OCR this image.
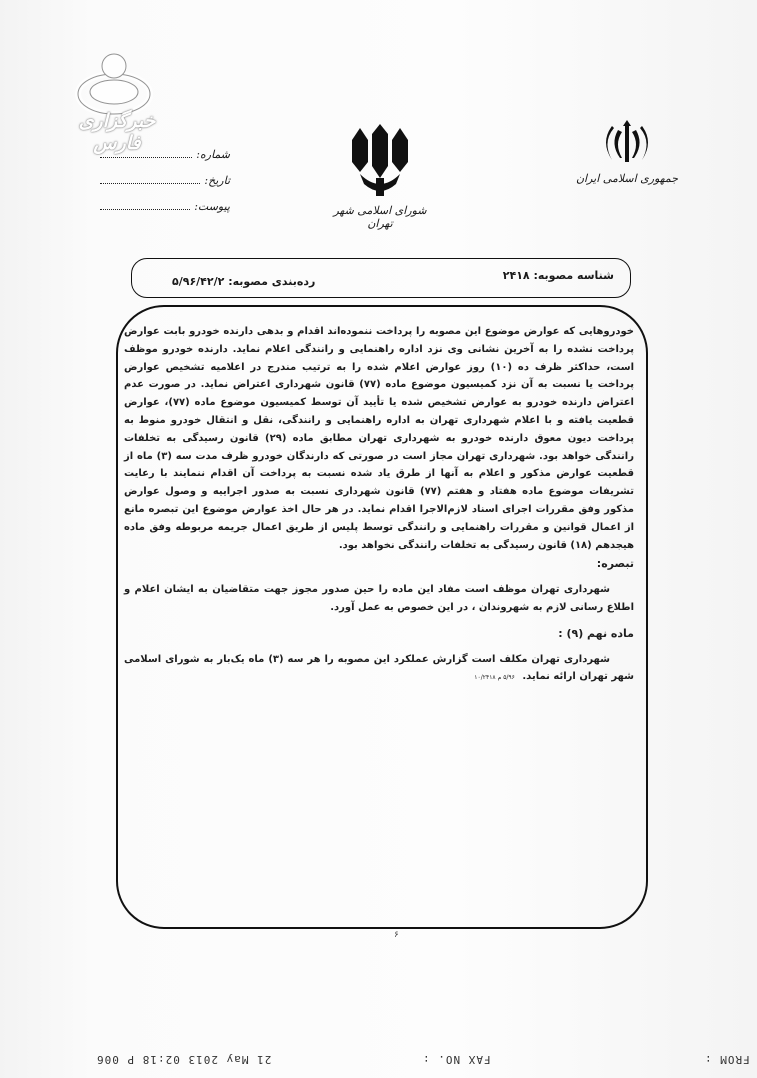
خبرگزاری فارس
شماره:
تاریخ:
پیوست:	شورای اسلامی شهر تهران
جمهوری اسلامی ایران
شناسه مصوبه: ۲۴۱۸
رده‌بندی مصوبه: ۵/۹۶/۴۲/۲

خودروهایی که عوارض موضوع این مصوبه را پرداخت ننموده‌اند اقدام و بدهی دارنده خودرو بابت عوارض پرداخت نشده را به آخرین نشانی وی نزد اداره راهنمایی و رانندگی اعلام نماید. دارنده خودرو موظف است، حداکثر ظرف ده (۱۰) روز عوارض اعلام شده را به ترتیب مندرج در اعلامیه تشخیص عوارض پرداخت یا نسبت به آن نزد کمیسیون موضوع ماده (۷۷) قانون شهرداری اعتراض نماید. در صورت عدم اعتراض دارنده خودرو به عوارض تشخیص شده یا تأیید آن توسط کمیسیون موضوع ماده (۷۷)، عوارض قطعیت یافته و با اعلام شهرداری تهران به اداره راهنمایی و رانندگی، نقل و انتقال خودرو منوط به پرداخت دیون معوق دارنده خودرو به شهرداری تهران مطابق ماده (۲۹) قانون رسیدگی به تخلفات رانندگی خواهد بود. شهرداری تهران مجاز است در صورتی که دارندگان خودرو ظرف مدت سه (۳) ماه از قطعیت عوارض مذکور و اعلام به آنها از طرق یاد شده نسبت به پرداخت آن اقدام ننمایند با رعایت تشریفات موضوع ماده هفتاد و هفتم (۷۷) قانون شهرداری نسبت به صدور اجراییه و وصول عوارض مذکور وفق مقررات اجرای اسناد لازم‌الاجرا اقدام نماید. در هر حال اخذ عوارض موضوع این تبصره مانع از اعمال قوانین و مقررات راهنمایی و رانندگی توسط پلیس از طریق اعمال جریمه مربوطه وفق ماده هیجدهم (۱۸) قانون رسیدگی به تخلفات رانندگی نخواهد بود.

تبصره:

شهرداری تهران موظف است مفاد این ماده را حین صدور مجوز جهت متقاضیان به ایشان اعلام و اطلاع رسانی لازم به شهروندان ، در این خصوص به عمل آورد.

ماده نهم (۹) :

شهرداری تهران مکلف است گزارش عملکرد این مصوبه را هر سه (۳) ماه یک‌بار به شورای اسلامی شهر تهران ارائه نماید. ۵/۹۶ م ۱۰/۲۴۱۸

۶
21 May 2013 02:18 P 006	FAX NO. :	FROM :
